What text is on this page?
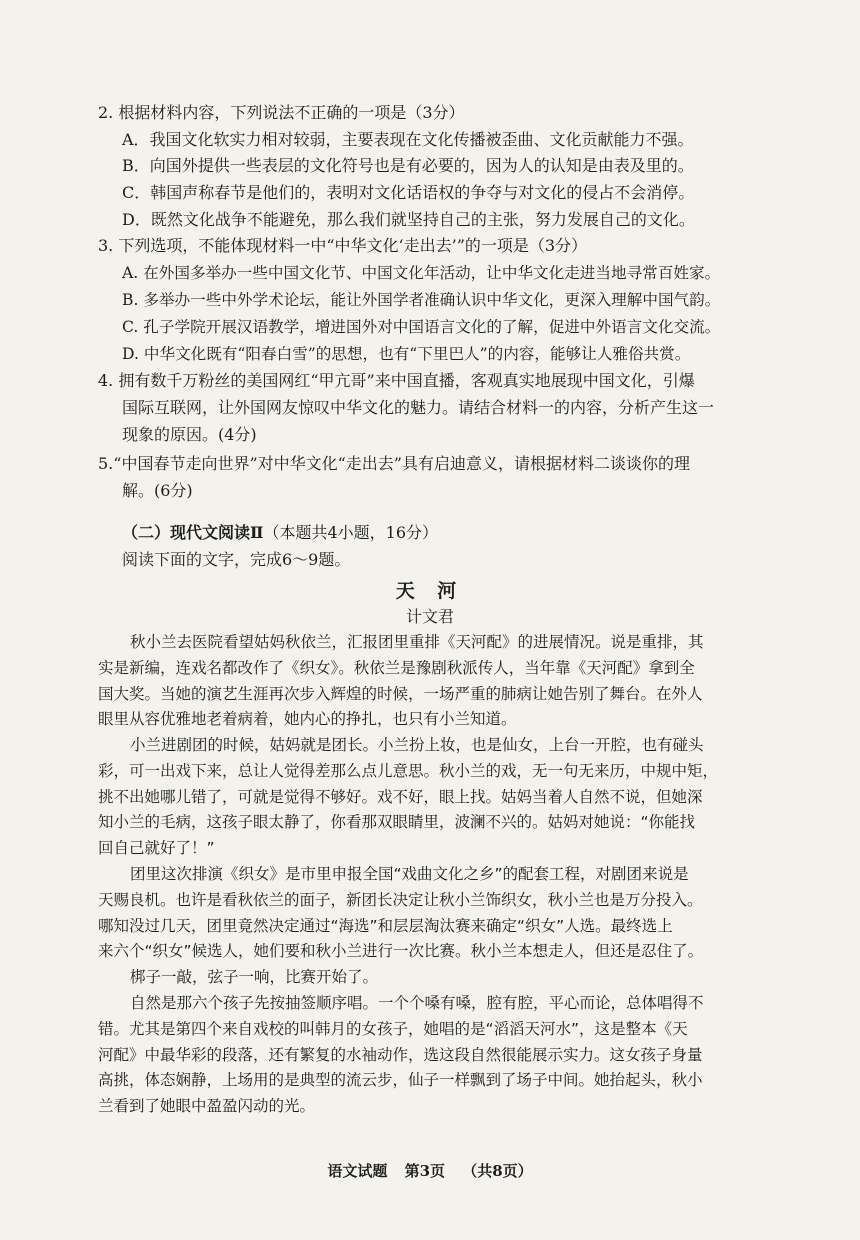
2. 根据材料内容，下列说法不正确的一项是（3分）
A．我国文化软实力相对较弱，主要表现在文化传播被歪曲、文化贡献能力不强。
B．向国外提供一些表层的文化符号也是有必要的，因为人的认知是由表及里的。
C．韩国声称春节是他们的，表明对文化话语权的争夺与对文化的侵占不会消停。
D．既然文化战争不能避免，那么我们就坚持自己的主张，努力发展自己的文化。
3. 下列选项，不能体现材料一中“中华文化‘走出去’”的一项是（3分）
A. 在外国多举办一些中国文化节、中国文化年活动，让中华文化走进当地寻常百姓家。
B. 多举办一些中外学术论坛，能让外国学者准确认识中华文化，更深入理解中国气韵。
C. 孔子学院开展汉语教学，增进国外对中国语言文化的了解，促进中外语言文化交流。
D. 中华文化既有“阳春白雪”的思想，也有“下里巴人”的内容，能够让人雅俗共赏。
4. 拥有数千万粉丝的美国网红“甲亢哥”来中国直播，客观真实地展现中国文化，引爆
国际互联网，让外国网友惊叹中华文化的魅力。请结合材料一的内容，分析产生这一
现象的原因。(4分)
5.“中国春节走向世界”对中华文化“走出去”具有启迪意义，请根据材料二谈谈你的理
解。(6分)
（二）现代文阅读Ⅱ（本题共4小题，16分）
阅读下面的文字，完成6～9题。
天 河
计文君
秋小兰去医院看望姑妈秋依兰，汇报团里重排《天河配》的进展情况。说是重排，其
实是新编，连戏名都改作了《织女》。秋依兰是豫剧秋派传人，当年靠《天河配》拿到全
国大奖。当她的演艺生涯再次步入辉煌的时候，一场严重的肺病让她告别了舞台。在外人
眼里从容优雅地老着病着，她内心的挣扎，也只有小兰知道。
小兰进剧团的时候，姑妈就是团长。小兰扮上妆，也是仙女，上台一开腔，也有碰头
彩，可一出戏下来，总让人觉得差那么点儿意思。秋小兰的戏，无一句无来历，中规中矩，
挑不出她哪儿错了，可就是觉得不够好。戏不好，眼上找。姑妈当着人自然不说，但她深
知小兰的毛病，这孩子眼太静了，你看那双眼睛里，波澜不兴的。姑妈对她说：“你能找
回自己就好了！”
团里这次排演《织女》是市里申报全国“戏曲文化之乡”的配套工程，对剧团来说是
天赐良机。也许是看秋依兰的面子，新团长决定让秋小兰饰织女，秋小兰也是万分投入。
哪知没过几天，团里竟然决定通过“海选”和层层淘汰赛来确定“织女”人选。最终选上
来六个“织女”候选人，她们要和秋小兰进行一次比赛。秋小兰本想走人，但还是忍住了。
梆子一敲，弦子一响，比赛开始了。
自然是那六个孩子先按抽签顺序唱。一个个嗓有嗓，腔有腔，平心而论，总体唱得不
错。尤其是第四个来自戏校的叫韩月的女孩子，她唱的是“滔滔天河水”，这是整本《天
河配》中最华彩的段落，还有繁复的水袖动作，选这段自然很能展示实力。这女孩子身量
高挑，体态娴静，上场用的是典型的流云步，仙子一样飘到了场子中间。她抬起头，秋小
兰看到了她眼中盈盈闪动的光。
语文试题 第3页 （共8页）
